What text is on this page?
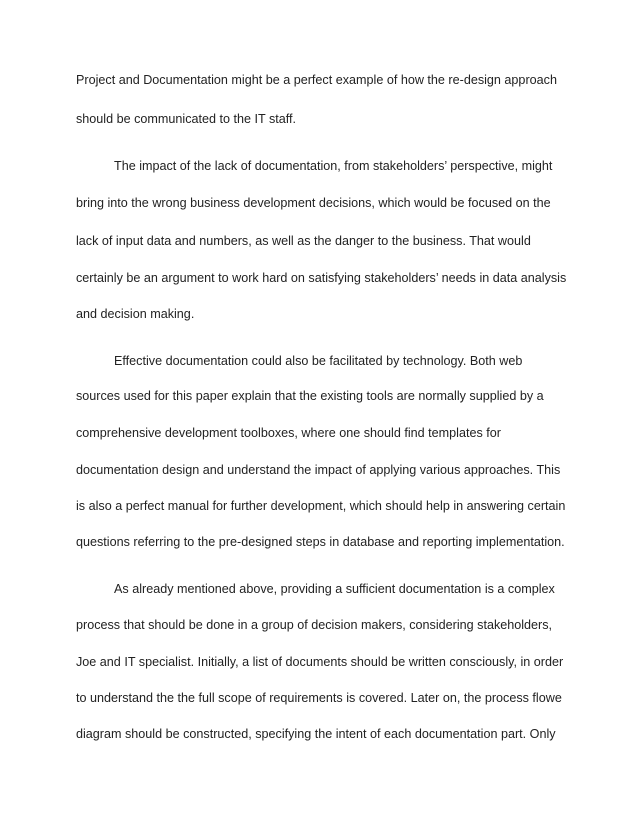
Project and Documentation might be a perfect example of how the re-design approach

should be communicated to the IT staff.

The impact of the lack of documentation, from stakeholders’ perspective, might

bring into the wrong business development decisions, which would be focused on the

lack of input data and numbers, as well as the danger to the business. That would

certainly be an argument to work hard on satisfying stakeholders’ needs in data analysis

and decision making.

Effective documentation could also be facilitated by technology. Both web

sources used for this paper explain that the existing tools are normally supplied by a

comprehensive development toolboxes, where one should find templates for

documentation design and understand the impact of applying various approaches. This

is also a perfect manual for further development, which should help in answering certain

questions referring to the pre-designed steps in database and reporting implementation.

As already mentioned above, providing a sufficient documentation is a complex

process that should be done in a group of decision makers, considering stakeholders,

Joe and IT specialist. Initially, a list of documents should be written consciously, in order

to understand the the full scope of requirements is covered. Later on, the process flowe

diagram should be constructed, specifying the intent of each documentation part. Only
